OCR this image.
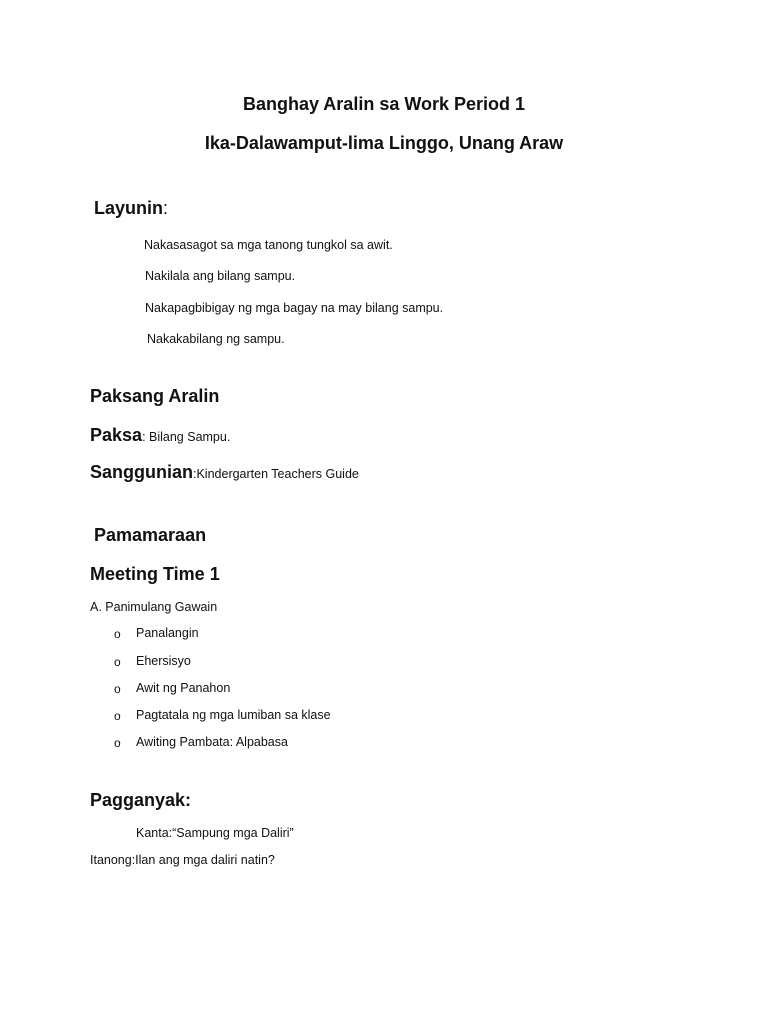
Banghay Aralin sa Work Period 1
Ika-Dalawamput-lima Linggo, Unang Araw
Layunin:
Nakasasagot sa mga tanong tungkol sa awit.
Nakilala ang bilang sampu.
Nakapagbibigay ng mga bagay na may bilang sampu.
Nakakabilang ng sampu.
Paksang Aralin
Paksa: Bilang Sampu.
Sanggunian:Kindergarten Teachers Guide
Pamamaraan
Meeting Time 1
A. Panimulang Gawain
o Panalangin
o Ehersisyo
o Awit ng Panahon
o Pagtatala ng mga lumiban sa klase
o Awiting Pambata: Alpabasa
Pagganyak:
Kanta:“Sampung mga Daliri”
Itanong:Ilan ang mga daliri natin?
